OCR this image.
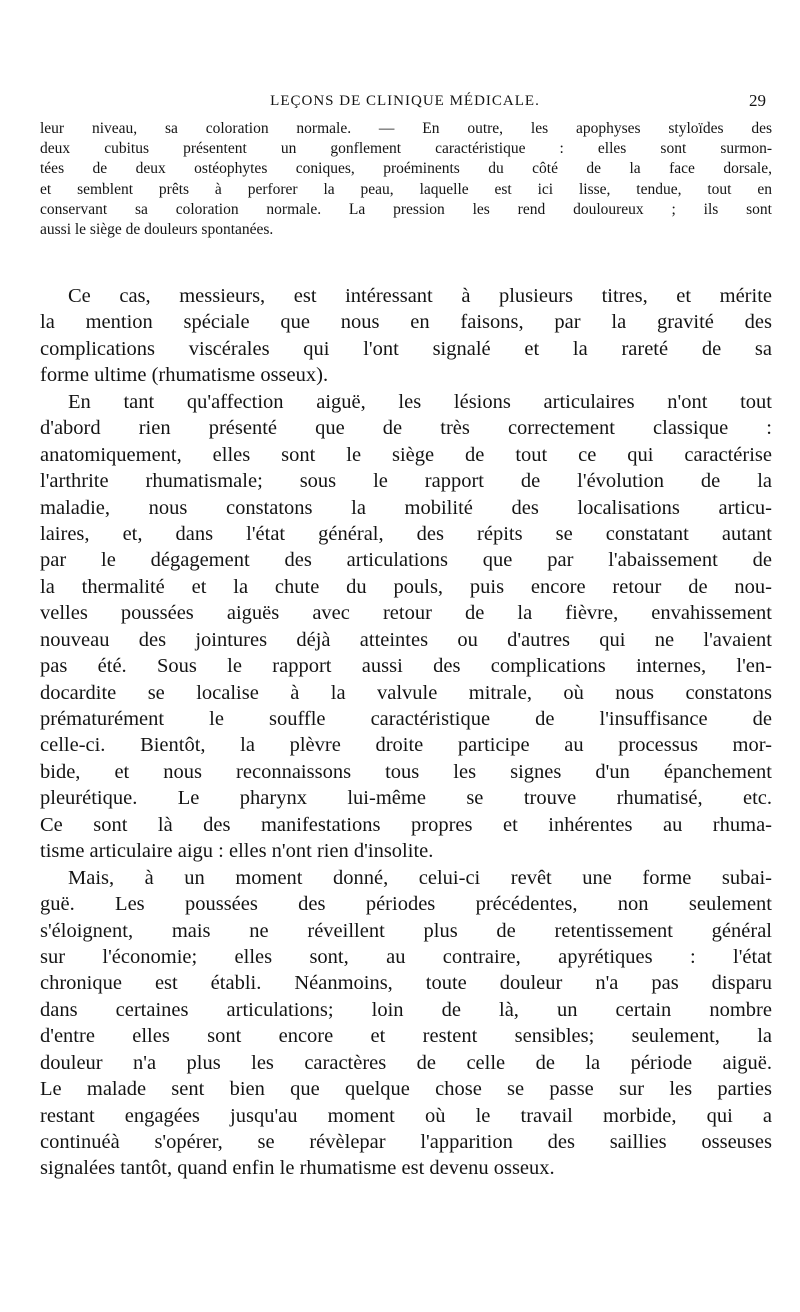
LEÇONS DE CLINIQUE MÉDICALE.	29
leur niveau, sa coloration normale. — En outre, les apophyses styloïdes des
deux cubitus présentent un gonflement caractéristique : elles sont surmon-
tées de deux ostéophytes coniques, proéminents du côté de la face dorsale,
et semblent prêts à perforer la peau, laquelle est ici lisse, tendue, tout en
conservant sa coloration normale. La pression les rend douloureux ; ils sont
aussi le siège de douleurs spontanées.
Ce cas, messieurs, est intéressant à plusieurs titres, et mérite
la mention spéciale que nous en faisons, par la gravité des
complications viscérales qui l'ont signalé et la rareté de sa
forme ultime (rhumatisme osseux).
En tant qu'affection aiguë, les lésions articulaires n'ont tout
d'abord rien présenté que de très correctement classique :
anatomiquement, elles sont le siège de tout ce qui caractérise
l'arthrite rhumatismale; sous le rapport de l'évolution de la
maladie, nous constatons la mobilité des localisations articu-
laires, et, dans l'état général, des répits se constatant autant
par le dégagement des articulations que par l'abaissement de
la thermalité et la chute du pouls, puis encore retour de nou-
velles poussées aiguës avec retour de la fièvre, envahissement
nouveau des jointures déjà atteintes ou d'autres qui ne l'avaient
pas été. Sous le rapport aussi des complications internes, l'en-
docardite se localise à la valvule mitrale, où nous constatons
prématurément le souffle caractéristique de l'insuffisance de
celle-ci. Bientôt, la plèvre droite participe au processus mor-
bide, et nous reconnaissons tous les signes d'un épanchement
pleurétique. Le pharynx lui-même se trouve rhumatisé, etc.
Ce sont là des manifestations propres et inhérentes au rhuma-
tisme articulaire aigu : elles n'ont rien d'insolite.
Mais, à un moment donné, celui-ci revêt une forme subai-
guë. Les poussées des périodes précédentes, non seulement
s'éloignent, mais ne réveillent plus de retentissement général
sur l'économie; elles sont, au contraire, apyrétiques : l'état
chronique est établi. Néanmoins, toute douleur n'a pas disparu
dans certaines articulations; loin de là, un certain nombre
d'entre elles sont encore et restent sensibles; seulement, la
douleur n'a plus les caractères de celle de la période aiguë.
Le malade sent bien que quelque chose se passe sur les parties
restant engagées jusqu'au moment où le travail morbide, qui a
continuéà s'opérer, se révèlepar l'apparition des saillies osseuses
signalées tantôt, quand enfin le rhumatisme est devenu osseux.
